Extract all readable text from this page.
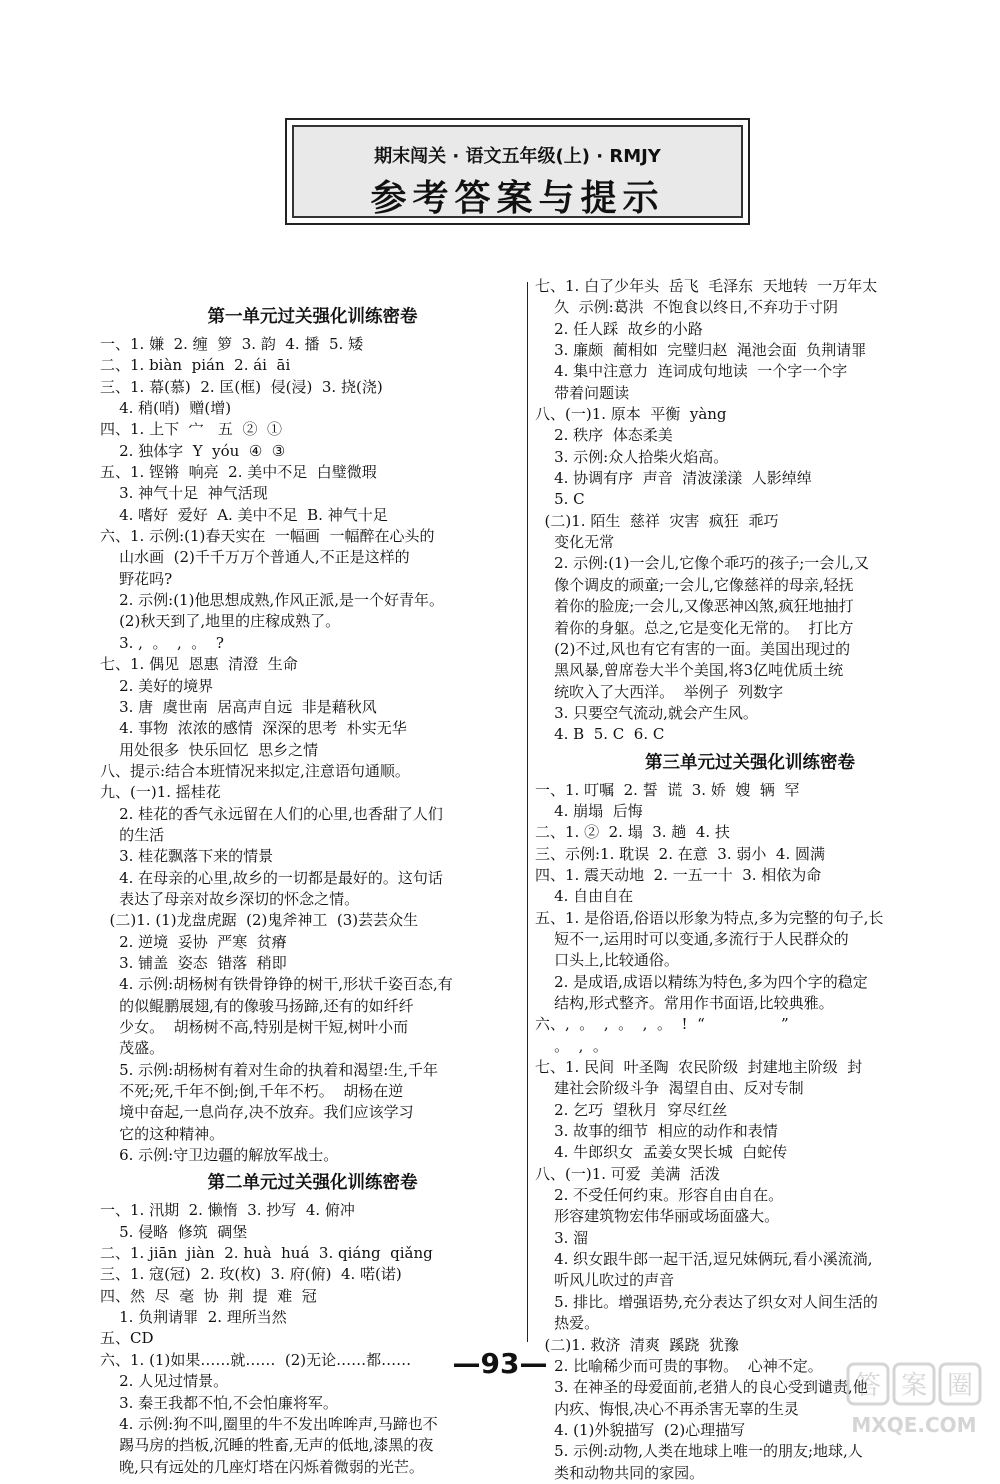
期末闯关 · 语文五年级(上) · RMJY
参考答案与提示
第一单元过关强化训练密卷
一、1. 嫌  2. 缠  箩  3. 韵  4. 播  5. 矮
二、1. biàn  pián  2. ái  āi
三、1. 幕(慕)  2. 匡(框)  侵(浸)  3. 挠(浇)
4. 稍(哨)  赠(增)
四、1. 上下  宀   五  ②  ①
2. 独体字  Y  yóu  ④  ③
五、1. 铿锵  响亮  2. 美中不足  白璧微瑕
3. 神气十足  神气活现
4. 嗜好  爱好  A. 美中不足  B. 神气十足
六、1. 示例:(1)春天实在  一幅画  一幅醉在心头的
山水画  (2)千千万万个普通人,不正是这样的
野花吗?
2. 示例:(1)他思想成熟,作风正派,是一个好青年。
(2)秋天到了,地里的庄稼成熟了。
3. ,  。  ,  。  ?
七、1. 偶见  恩惠  清澄  生命
2. 美好的境界
3. 唐  虞世南  居高声自远  非是藉秋风
4. 事物  浓浓的感情  深深的思考  朴实无华
用处很多  快乐回忆  思乡之情
八、提示:结合本班情况来拟定,注意语句通顺。
九、(一)1. 摇桂花
2. 桂花的香气永远留在人们的心里,也香甜了人们
的生活
3. 桂花飘落下来的情景
4. 在母亲的心里,故乡的一切都是最好的。这句话
表达了母亲对故乡深切的怀念之情。
(二)1. (1)龙盘虎踞  (2)鬼斧神工  (3)芸芸众生
2. 逆境  妥协  严寒  贫瘠
3. 铺盖  姿态  错落  稍即
4. 示例:胡杨树有铁骨铮铮的树干,形状千姿百态,有
的似鲲鹏展翅,有的像骏马扬蹄,还有的如纤纤
少女。  胡杨树不高,特别是树干短,树叶小而
茂盛。
5. 示例:胡杨树有着对生命的执着和渴望:生,千年
不死;死,千年不倒;倒,千年不朽。  胡杨在逆
境中奋起,一息尚存,决不放弃。我们应该学习
它的这种精神。
6. 示例:守卫边疆的解放军战士。
第二单元过关强化训练密卷
一、1. 汛期  2. 懒惰  3. 抄写  4. 俯冲
5. 侵略  修筑  碉堡
二、1. jiān  jiàn  2. huà  huá  3. qiáng  qiǎng
三、1. 寇(冠)  2. 玫(枚)  3. 府(俯)  4. 喏(诺)
四、然  尽  毫  协  荆  提  难  冠
1. 负荆请罪  2. 理所当然
五、CD
六、1. (1)如果……就……  (2)无论……都……
2. 人见过情景。
3. 秦王我都不怕,不会怕廉将军。
4. 示例:狗不叫,圈里的牛不发出哞哞声,马蹄也不
踢马房的挡板,沉睡的牲畜,无声的低地,漆黑的夜
晚,只有远处的几座灯塔在闪烁着微弱的光芒。
七、1. 白了少年头  岳飞  毛泽东  天地转  一万年太
久  示例:葛洪  不饱食以终日,不弃功于寸阴
2. 任人踩  故乡的小路
3. 廉颇  蔺相如  完璧归赵  渑池会面  负荆请罪
4. 集中注意力  连词成句地读  一个字一个字
带着问题读
八、(一)1. 原本  平衡  yàng
2. 秩序  体态柔美
3. 示例:众人拾柴火焰高。
4. 协调有序  声音  清波漾漾  人影绰绰
5. C
(二)1. 陌生  慈祥  灾害  疯狂  乖巧
变化无常
2. 示例:(1)一会儿,它像个乖巧的孩子;一会儿,又
像个调皮的顽童;一会儿,它像慈祥的母亲,轻抚
着你的脸庞;一会儿,又像恶神凶煞,疯狂地抽打
着你的身躯。总之,它是变化无常的。  打比方
(2)不过,风也有它有害的一面。美国出现过的
黑风暴,曾席卷大半个美国,将3亿吨优质土统
统吹入了大西洋。  举例子  列数字
3. 只要空气流动,就会产生风。
4. B  5. C  6. C
第三单元过关强化训练密卷
一、1. 叮嘱  2. 誓  谎  3. 娇  嫂  辆  罕
4. 崩塌  后悔
二、1. ②  2. 塌  3. 趟  4. 扶
三、示例:1. 耽误  2. 在意  3. 弱小  4. 圆满
四、1. 震天动地  2. 一五一十  3. 相依为命
4. 自由自在
五、1. 是俗语,俗语以形象为特点,多为完整的句子,长
短不一,运用时可以变通,多流行于人民群众的
口头上,比较通俗。
2. 是成语,成语以精练为特色,多为四个字的稳定
结构,形式整齐。常用作书面语,比较典雅。
六、,  。  ,  。  ,  。  !  “                ”
。  ,  。
七、1. 民间  叶圣陶  农民阶级  封建地主阶级  封
建社会阶级斗争  渴望自由、反对专制
2. 乞巧  望秋月  穿尽红丝
3. 故事的细节  相应的动作和表情
4. 牛郎织女  孟姜女哭长城  白蛇传
八、(一)1. 可爱  美满  活泼
2. 不受任何约束。形容自由自在。
形容建筑物宏伟华丽或场面盛大。
3. 溜
4. 织女跟牛郎一起干活,逗兄妹俩玩,看小溪流淌,
听风儿吹过的声音
5. 排比。增强语势,充分表达了织女对人间生活的
热爱。
(二)1. 救济  清爽  蹊跷  犹豫
2. 比喻稀少而可贵的事物。  心神不定。
3. 在神圣的母爱面前,老猎人的良心受到谴责,他
内疚、悔恨,决心不再杀害无辜的生灵
4. (1)外貌描写  (2)心理描写
5. 示例:动物,人类在地球上唯一的朋友;地球,人
类和动物共同的家园。
—93—
答 案 圈
MXQE.COM
